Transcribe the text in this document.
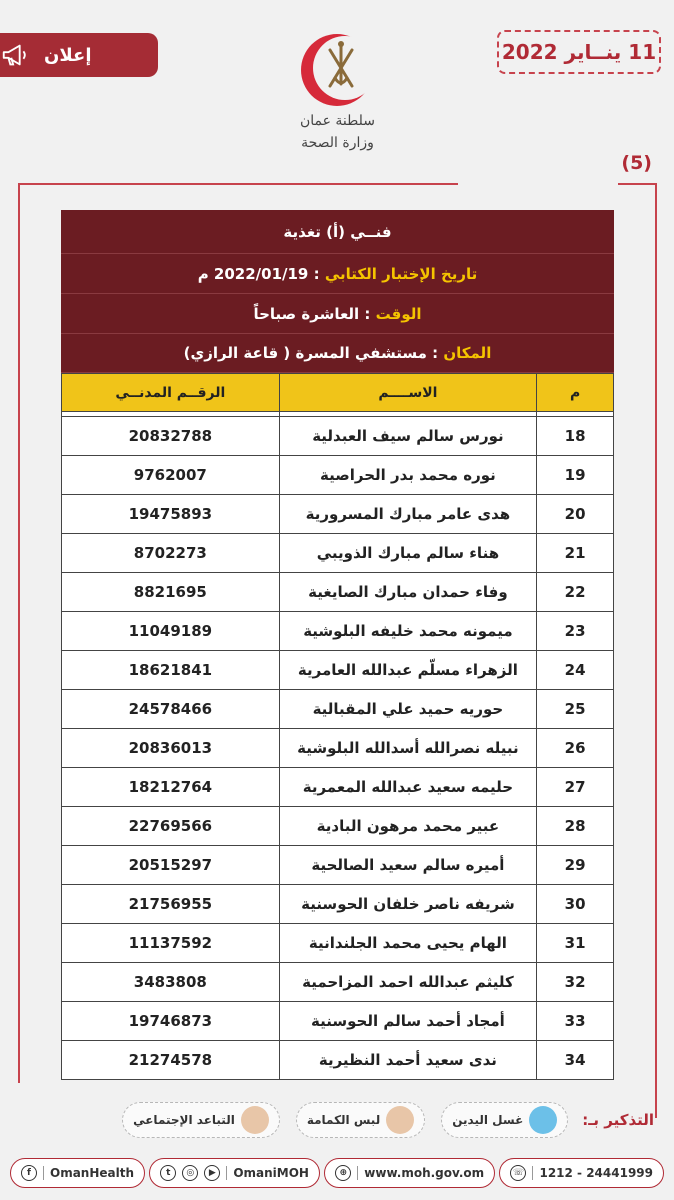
إعلان	11 ينــاير 2022
سلطنة عمان
وزارة الصحة
(5)
فنــي (أ) تغذية
تاريخ الإختبار الكتابي

: 2022/01/19 م
الوقت

: العاشرة صباحاً
المكان

: مستشفي المسرة ( قاعة الرازي)
م	الاســــم	الرقــم المدنــي

18	نورس سالم سيف العبدلية	20832788
19	نوره محمد بدر الحراصية	9762007
20	هدى عامر مبارك المسرورية	19475893
21	هناء سالم مبارك الذويبي	8702273
22	وفاء حمدان مبارك الصايغية	8821695
23	ميمونه محمد خليفه البلوشية	11049189
24	الزهراء مسلّم عبدالله العامرية	18621841
25	حوريه حميد علي المقبالية	24578466
26	نبيله نصرالله أسدالله البلوشية	20836013
27	حليمه سعيد عبدالله المعمرية	18212764
28	عبير محمد مرهون البادية	22769566
29	أميره سالم سعيد الصالحية	20515297
30	شريفه ناصر خلفان الحوسنية	21756955
31	الهام يحيى محمد الجلندانية	11137592
32	كليثم عبدالله احمد المزاحمية	3483808
33	أمجاد أحمد سالم الحوسنية	19746873
34	ندى سعيد أحمد النظيرية	21274578
التذكير بـ:
غسل اليدين
لبس الكمامة
التباعد الإجتماعي
f	OmanHealth	t	◎	▶	OmaniMOH	⊕	www.moh.gov.om	☏ 1212 - 24441999
